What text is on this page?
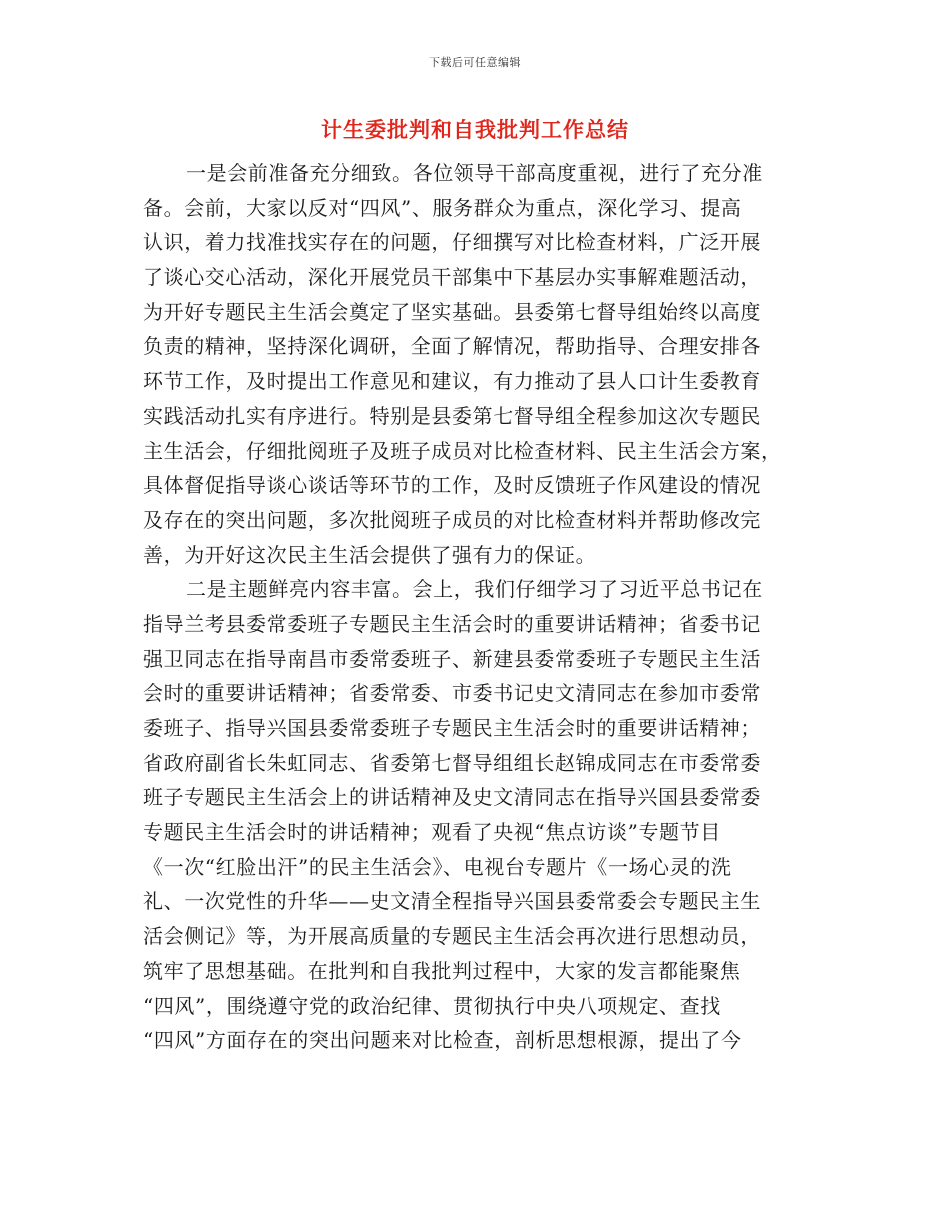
下载后可任意编辑
计生委批判和自我批判工作总结
一是会前准备充分细致。各位领导干部高度重视，进行了充分准
备。会前，大家以反对“四风”、服务群众为重点，深化学习、提高
认识，着力找准找实存在的问题，仔细撰写对比检查材料，广泛开展
了谈心交心活动，深化开展党员干部集中下基层办实事解难题活动，
为开好专题民主生活会奠定了坚实基础。县委第七督导组始终以高度
负责的精神，坚持深化调研，全面了解情况，帮助指导、合理安排各
环节工作，及时提出工作意见和建议，有力推动了县人口计生委教育
实践活动扎实有序进行。特别是县委第七督导组全程参加这次专题民
主生活会，仔细批阅班子及班子成员对比检查材料、民主生活会方案，
具体督促指导谈心谈话等环节的工作，及时反馈班子作风建设的情况
及存在的突出问题，多次批阅班子成员的对比检查材料并帮助修改完
善，为开好这次民主生活会提供了强有力的保证。
二是主题鲜亮内容丰富。会上，我们仔细学习了习近平总书记在
指导兰考县委常委班子专题民主生活会时的重要讲话精神；省委书记
强卫同志在指导南昌市委常委班子、新建县委常委班子专题民主生活
会时的重要讲话精神；省委常委、市委书记史文清同志在参加市委常
委班子、指导兴国县委常委班子专题民主生活会时的重要讲话精神；
省政府副省长朱虹同志、省委第七督导组组长赵锦成同志在市委常委
班子专题民主生活会上的讲话精神及史文清同志在指导兴国县委常委
专题民主生活会时的讲话精神；观看了央视“焦点访谈”专题节目
《一次“红脸出汗”的民主生活会》、电视台专题片《一场心灵的洗
礼、一次党性的升华——史文清全程指导兴国县委常委会专题民主生
活会侧记》等，为开展高质量的专题民主生活会再次进行思想动员，
筑牢了思想基础。在批判和自我批判过程中，大家的发言都能聚焦
“四风”，围绕遵守党的政治纪律、贯彻执行中央八项规定、查找
“四风”方面存在的突出问题来对比检查，剖析思想根源，提出了今
